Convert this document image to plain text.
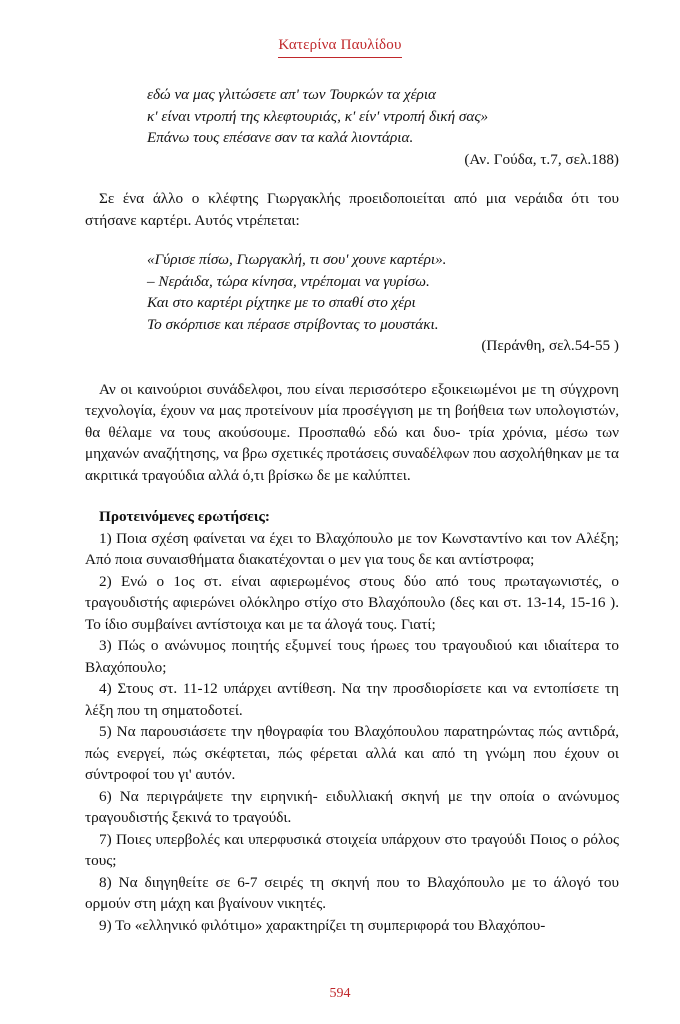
Κατερίνα Παυλίδου
εδώ να μας γλιτώσετε απ' των Τουρκών τα χέρια
κ' είναι ντροπή της κλεφτουριάς, κ' είν' ντροπή δική σας»
Επάνω τους επέσανε σαν τα καλά λιοντάρια.
(Αν. Γούδα, τ.7, σελ.188)

Σε ένα άλλο ο κλέφτης Γιωργακλής προειδοποιείται από μια νεράιδα ότι του στήσανε καρτέρι. Αυτός ντρέπεται:

«Γύρισε πίσω, Γιωργακλή, τι σου' χουνε καρτέρι».
– Νεράιδα, τώρα κίνησα, ντρέπομαι να γυρίσω.
Και στο καρτέρι ρίχτηκε με το σπαθί στο χέρι
Το σκόρπισε και πέρασε στρίβοντας το μουστάκι.
(Περάνθη, σελ.54-55 )

Αν οι καινούριοι συνάδελφοι, που είναι περισσότερο εξοικειωμένοι με τη σύγχρονη τεχνολογία, έχουν να μας προτείνουν μία προσέγγιση με τη βοήθεια των υπολογιστών, θα θέλαμε να τους ακούσουμε. Προσπαθώ εδώ και δυο- τρία χρόνια, μέσω των μηχανών αναζήτησης, να βρω σχετικές προτάσεις συναδέλφων που ασχολήθηκαν με τα ακριτικά τραγούδια αλλά ό,τι βρίσκω δε με καλύπτει.

Προτεινόμενες ερωτήσεις:

1) Ποια σχέση φαίνεται να έχει το Βλαχόπουλο με τον Κωνσταντίνο και τον Αλέξη; Από ποια συναισθήματα διακατέχονται ο μεν για τους δε και αντίστροφα;

2) Ενώ ο 1ος στ. είναι αφιερωμένος στους δύο από τους πρωταγωνιστές, ο τραγουδιστής αφιερώνει ολόκληρο στίχο στο Βλαχόπουλο (δες και στ. 13-14, 15-16 ). Το ίδιο συμβαίνει αντίστοιχα και με τα άλογά τους. Γιατί;

3) Πώς ο ανώνυμος ποιητής εξυμνεί τους ήρωες του τραγουδιού και ιδιαίτερα το Βλαχόπουλο;

4) Στους στ. 11-12 υπάρχει αντίθεση. Να την προσδιορίσετε και να εντοπίσετε τη λέξη που τη σηματοδοτεί.

5) Να παρουσιάσετε την ηθογραφία του Βλαχόπουλου παρατηρώντας πώς αντιδρά, πώς ενεργεί, πώς σκέφτεται, πώς φέρεται αλλά και από τη γνώμη που έχουν οι σύντροφοί του γι' αυτόν.

6) Να περιγράψετε την ειρηνική- ειδυλλιακή σκηνή με την οποία ο ανώνυμος τραγουδιστής ξεκινά το τραγούδι.

7) Ποιες υπερβολές και υπερφυσικά στοιχεία υπάρχουν στο τραγούδι Ποιος ο ρόλος τους;

8) Να διηγηθείτε σε 6-7 σειρές τη σκηνή που το Βλαχόπουλο με το άλογό του ορμούν στη μάχη και βγαίνουν νικητές.

9) Το «ελληνικό φιλότιμο» χαρακτηρίζει τη συμπεριφορά του Βλαχόπου-

594
